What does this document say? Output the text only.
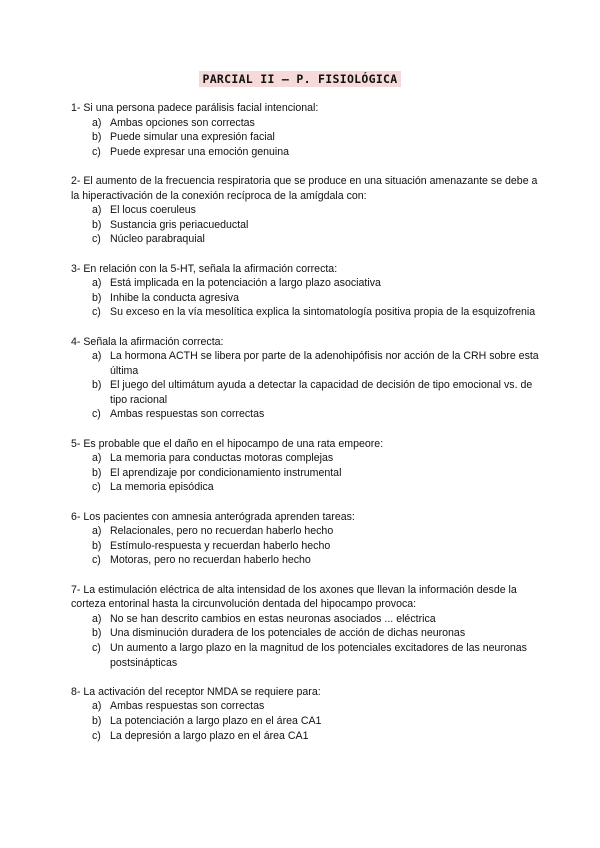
PARCIAL II – P. FISIOLÓGICA
1- Si una persona padece parálisis facial intencional:
a) Ambas opciones son correctas
b) Puede simular una expresión facial
c) Puede expresar una emoción genuina
2- El aumento de la frecuencia respiratoria que se produce en una situación amenazante se debe a la hiperactivación de la conexión recíproca de la amígdala con:
a) El locus coeruleus
b) Sustancia gris periacueductal
c) Núcleo parabraquial
3- En relación con la 5-HT, señala la afirmación correcta:
a) Está implicada en la potenciación a largo plazo asociativa
b) Inhibe la conducta agresiva
c) Su exceso en la vía mesolítica explica la sintomatología positiva propia de la esquizofrenia
4- Señala la afirmación correcta:
a) La hormona ACTH se libera por parte de la adenohipófisis nor acción de la CRH sobre esta última
b) El juego del ultimátum ayuda a detectar la capacidad de decisión de tipo emocional vs. de tipo racional
c) Ambas respuestas son correctas
5- Es probable que el daño en el hipocampo de una rata empeore:
a) La memoria para conductas motoras complejas
b) El aprendizaje por condicionamiento instrumental
c) La memoria episódica
6- Los pacientes con amnesia anterógrada aprenden tareas:
a) Relacionales, pero no recuerdan haberlo hecho
b) Estímulo-respuesta y recuerdan haberlo hecho
c) Motoras, pero no recuerdan haberlo hecho
7- La estimulación eléctrica de alta intensidad de los axones que llevan la información desde la corteza entorinal hasta la circunvolución dentada del hipocampo provoca:
a) No se han descrito cambios en estas neuronas asociados ... eléctrica
b) Una disminución duradera de los potenciales de acción de dichas neuronas
c) Un aumento a largo plazo en la magnitud de los potenciales excitadores de las neuronas postsinápticas
8- La activación del receptor NMDA se requiere para:
a) Ambas respuestas son correctas
b) La potenciación a largo plazo en el área CA1
c) La depresión a largo plazo en el área CA1
